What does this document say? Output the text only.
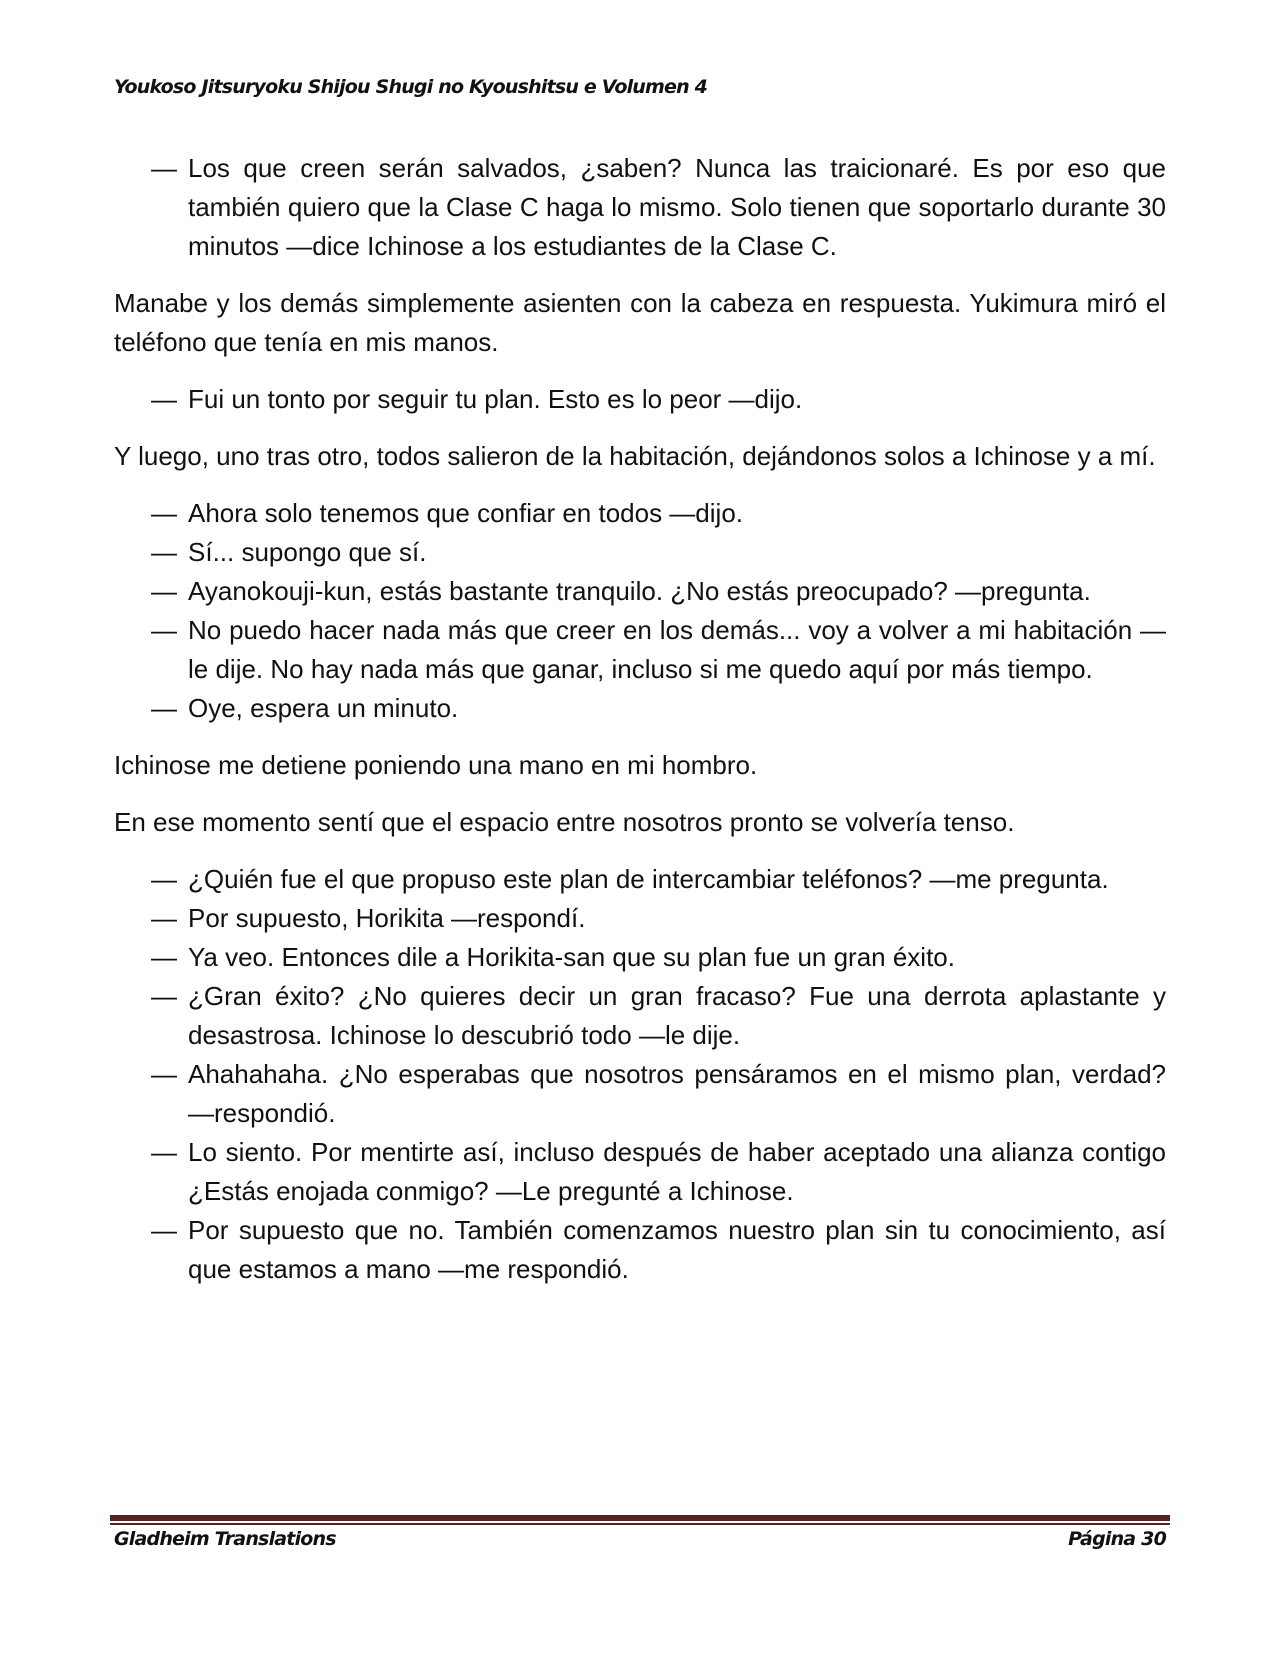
Youkoso Jitsuryoku Shijou Shugi no Kyoushitsu e Volumen 4

— Los que creen serán salvados, ¿saben? Nunca las traicionaré. Es por eso que también quiero que la Clase C haga lo mismo. Solo tienen que soportarlo durante 30 minutos —dice Ichinose a los estudiantes de la Clase C.

Manabe y los demás simplemente asienten con la cabeza en respuesta. Yukimura miró el teléfono que tenía en mis manos.

— Fui un tonto por seguir tu plan. Esto es lo peor —dijo.

Y luego, uno tras otro, todos salieron de la habitación, dejándonos solos a Ichinose y a mí.

— Ahora solo tenemos que confiar en todos —dijo.

— Sí... supongo que sí.

— Ayanokouji-kun, estás bastante tranquilo. ¿No estás preocupado? —pregunta.

— No puedo hacer nada más que creer en los demás... voy a volver a mi habitación —le dije. No hay nada más que ganar, incluso si me quedo aquí por más tiempo.

— Oye, espera un minuto.

Ichinose me detiene poniendo una mano en mi hombro.

En ese momento sentí que el espacio entre nosotros pronto se volvería tenso.

— ¿Quién fue el que propuso este plan de intercambiar teléfonos? —me pregunta.

— Por supuesto, Horikita —respondí.

— Ya veo. Entonces dile a Horikita-san que su plan fue un gran éxito.

— ¿Gran éxito? ¿No quieres decir un gran fracaso? Fue una derrota aplastante y desastrosa. Ichinose lo descubrió todo —le dije.

— Ahahahaha. ¿No esperabas que nosotros pensáramos en el mismo plan, verdad? —respondió.

— Lo siento. Por mentirte así, incluso después de haber aceptado una alianza contigo ¿Estás enojada conmigo? —Le pregunté a Ichinose.

— Por supuesto que no. También comenzamos nuestro plan sin tu conocimiento, así que estamos a mano —me respondió.

Gladheim Translations	Página 30
